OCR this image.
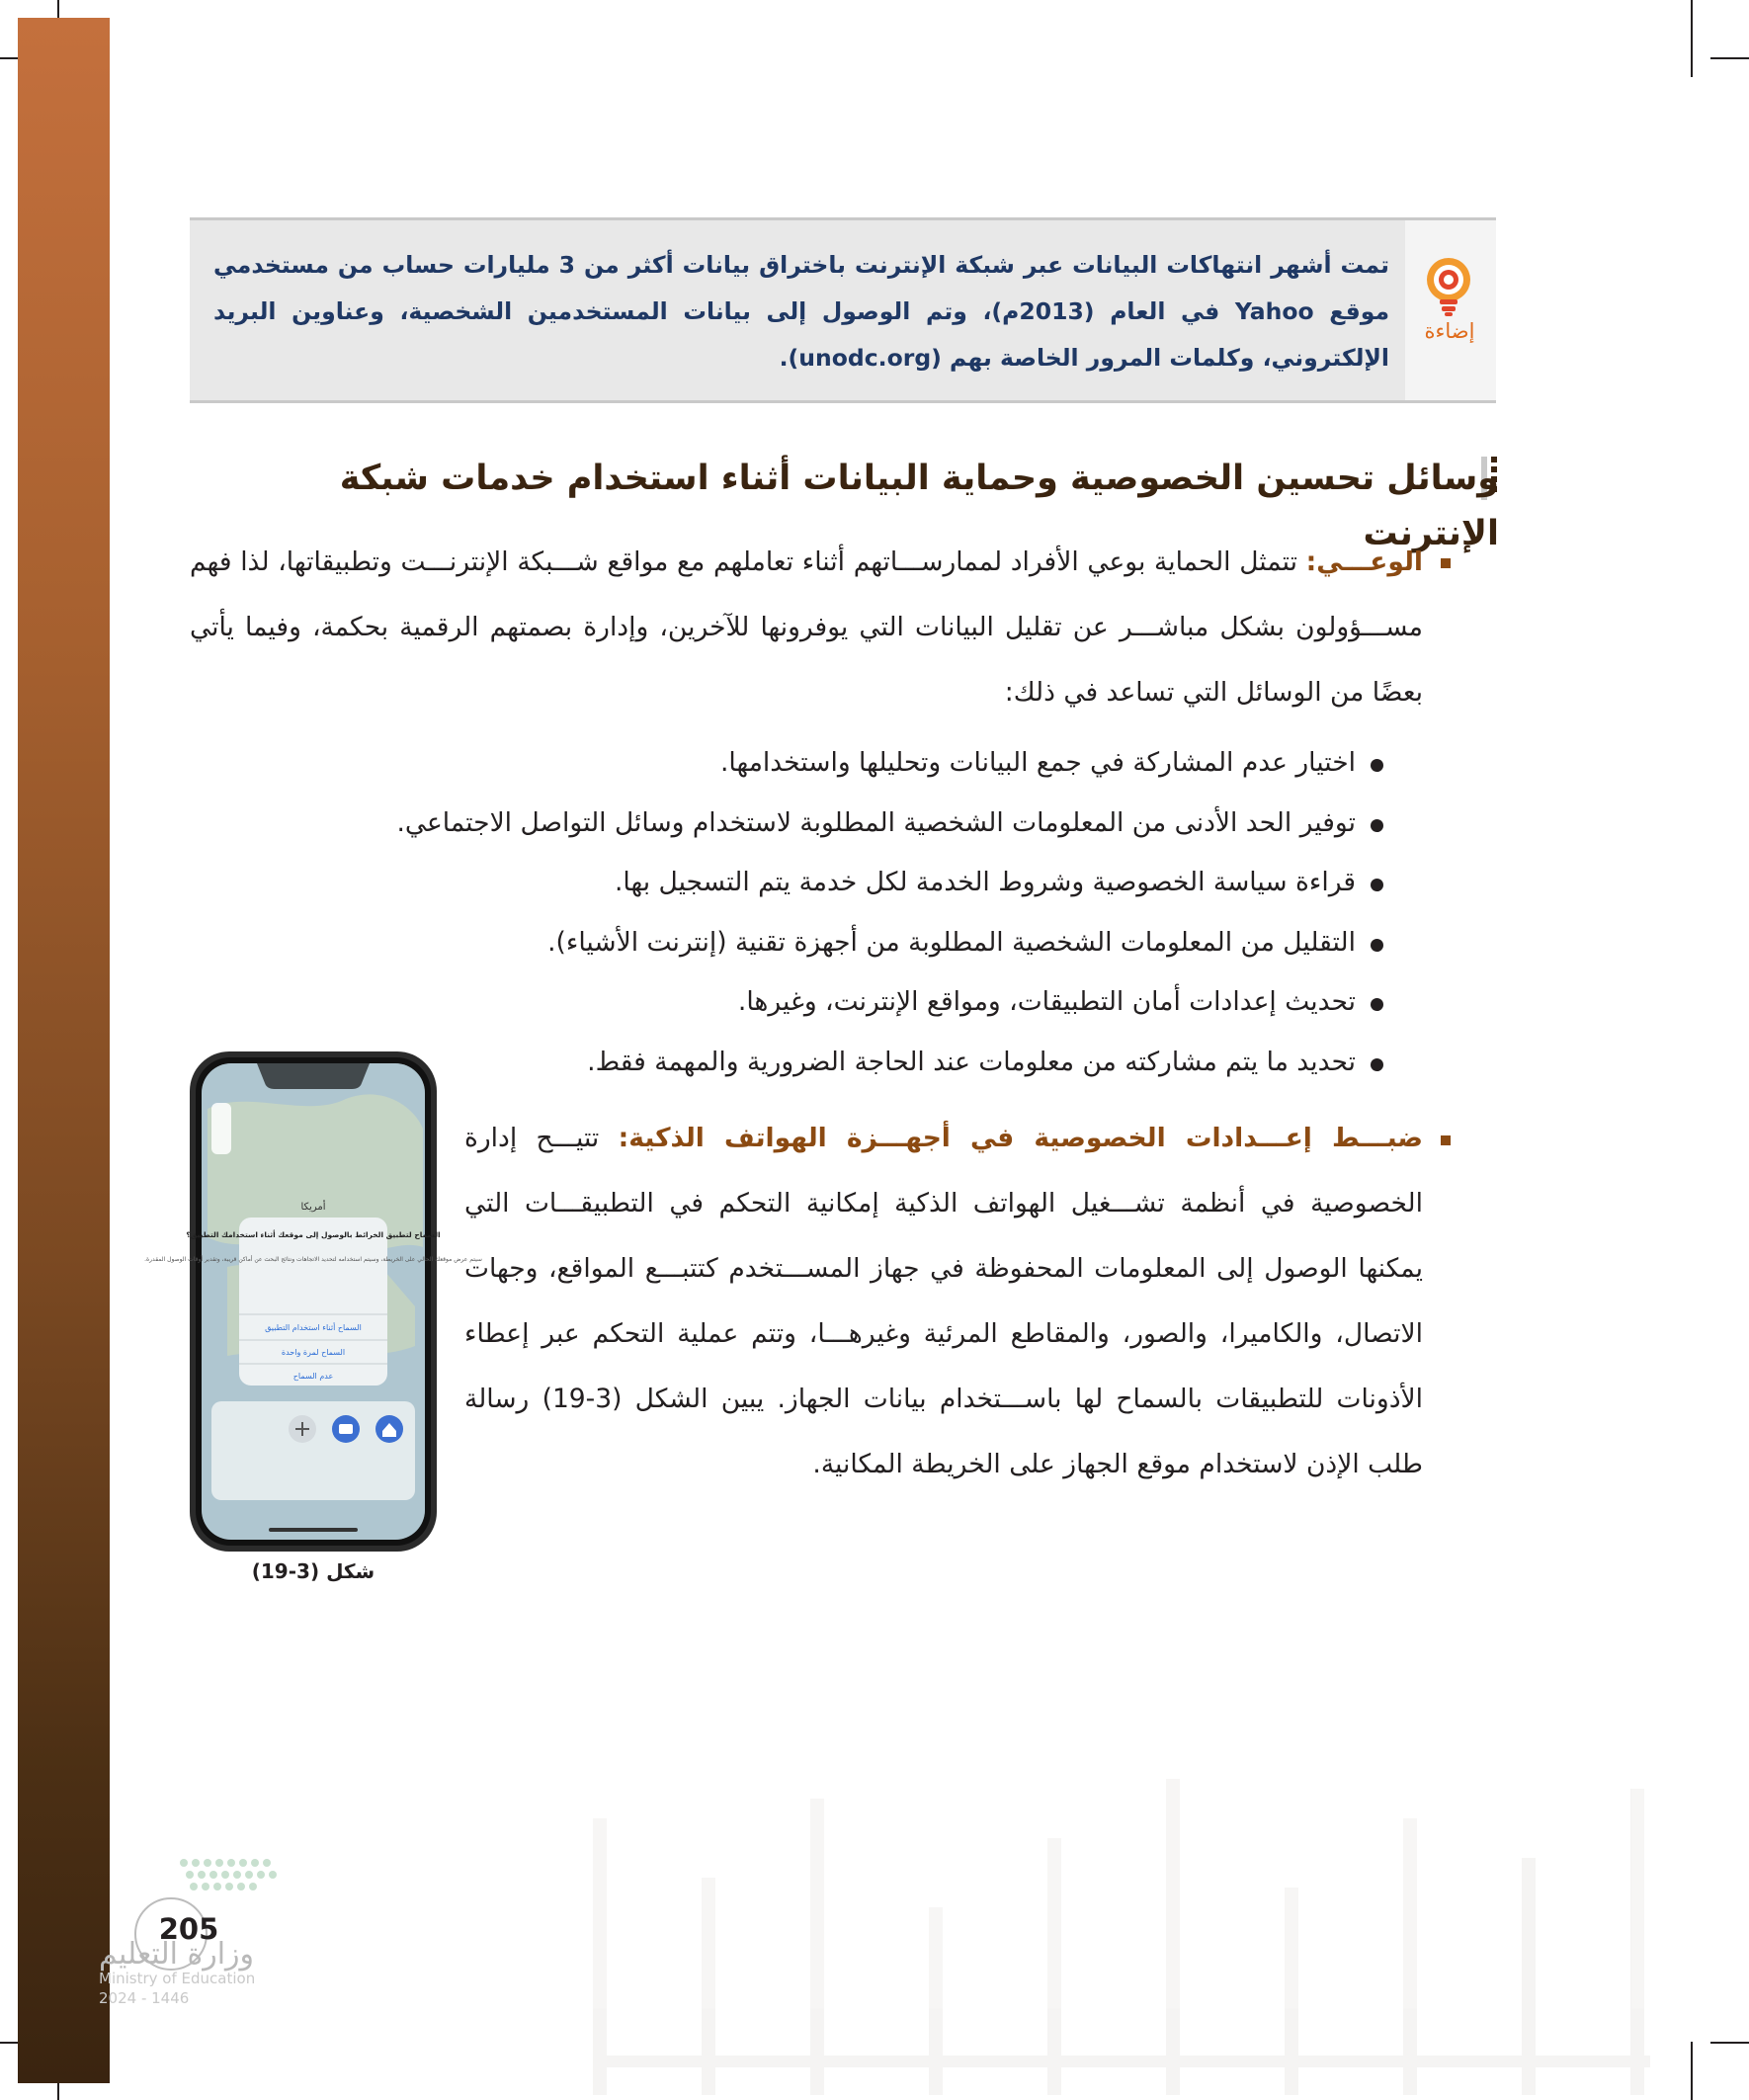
إضاءة
تمت أشهر انتهاكات البيانات عبر شبكة الإنترنت باختراق بيانات أكثر من 3 مليارات حساب من مستخدمي موقع Yahoo في العام (2013م)، وتم الوصول إلى بيانات المستخدمين الشخصية، وعناوين البريد الإلكتروني، وكلمات المرور الخاصة بهم (unodc.org).
وسائل تحسين الخصوصية وحماية البيانات أثناء استخدام خدمات شبكة الإنترنت
الوعـــي: تتمثل الحماية بوعي الأفراد لممارســـاتهم أثناء تعاملهم مع مواقع شـــبكة الإنترنـــت وتطبيقاتها، لذا فهم مســـؤولون بشكل مباشـــر عن تقليل البيانات التي يوفرونها للآخرين، وإدارة بصمتهم الرقمية بحكمة، وفيما يأتي بعضًا من الوسائل التي تساعد في ذلك:
اختيار عدم المشاركة في جمع البيانات وتحليلها واستخدامها.
توفير الحد الأدنى من المعلومات الشخصية المطلوبة لاستخدام وسائل التواصل الاجتماعي.
قراءة سياسة الخصوصية وشروط الخدمة لكل خدمة يتم التسجيل بها.
التقليل من المعلومات الشخصية المطلوبة من أجهزة تقنية (إنترنت الأشياء).
تحديث إعدادات أمان التطبيقات، ومواقع الإنترنت، وغيرها.
تحديد ما يتم مشاركته من معلومات عند الحاجة الضرورية والمهمة فقط.
ضبـــط إعـــدادات الخصوصية في أجهـــزة الهواتف الذكية: تتيـــح إدارة الخصوصية في أنظمة تشـــغيل الهواتف الذكية إمكانية التحكم في التطبيقـــات التي يمكنها الوصول إلى المعلومات المحفوظة في جهاز المســـتخدم كتتبـــع المواقع، وجهات الاتصال، والكاميرا، والصور، والمقاطع المرئية وغيرهـــا، وتتم عملية التحكم عبر إعطاء الأذونات للتطبيقات بالسماح لها باســـتخدام بيانات الجهاز. يبين الشكل (3-19) رسالة طلب الإذن لاستخدام موقع الجهاز على الخريطة المكانية.
أمريكا
السماح لتطبيق الخرائط بالوصول إلى موقعك أثناء استخدامك التطبيق؟
سيتم عرض موقعك الحالي على الخريطة، وسيتم استخدامه لتحديد الاتجاهات ونتائج البحث عن أماكن قريبة، وتقدير أوقات الوصول المقدرة.
السماح أثناء استخدام التطبيق
السماح لمرة واحدة
عدم السماح
شكل (3-19)
205
وزارة التعليم
Ministry of Education
2024 - 1446
